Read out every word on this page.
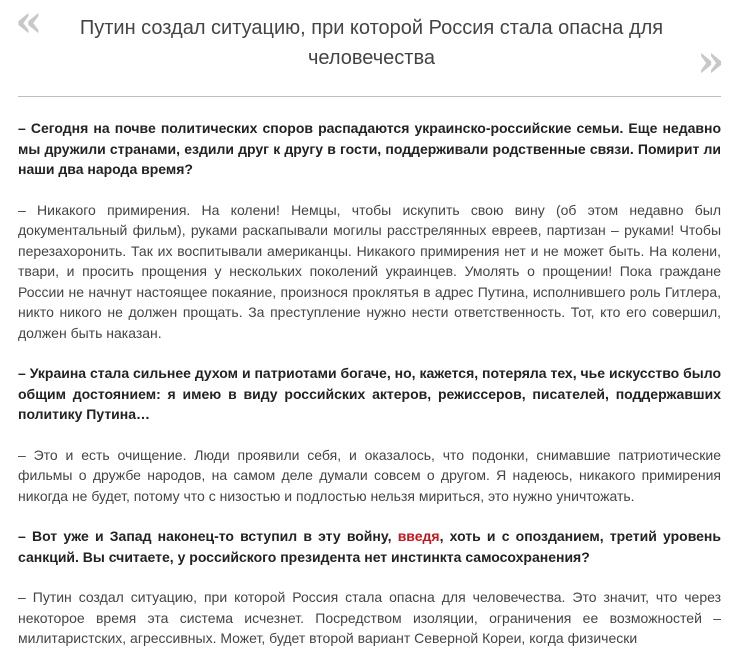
«	Путин создал ситуацию, при которой Россия стала опасна для человечества	»

– Сегодня на почве политических споров распадаются украинско-российские семьи. Еще недавно мы дружили странами, ездили друг к другу в гости, поддерживали родственные связи. Помирит ли наши два народа время?

– Никакого примирения. На колени! Немцы, чтобы искупить свою вину (об этом недавно был документальный фильм), руками раскапывали могилы расстрелянных евреев, партизан – руками! Чтобы перезахоронить. Так их воспитывали американцы. Никакого примирения нет и не может быть. На колени, твари, и просить прощения у нескольких поколений украинцев. Умолять о прощении! Пока граждане России не начнут настоящее покаяние, произнося проклятья в адрес Путина, исполнившего роль Гитлера, никто никого не должен прощать. За преступление нужно нести ответственность. Тот, кто его совершил, должен быть наказан.

– Украина стала сильнее духом и патриотами богаче, но, кажется, потеряла тех, чье искусство было общим достоянием: я имею в виду российских актеров, режиссеров, писателей, поддержавших политику Путина…

– Это и есть очищение. Люди проявили себя, и оказалось, что подонки, снимавшие патриотические фильмы о дружбе народов, на самом деле думали совсем о другом. Я надеюсь, никакого примирения никогда не будет, потому что с низостью и подлостью нельзя мириться, это нужно уничтожать.

– Вот уже и Запад наконец-то вступил в эту войну, введя, хоть и с опозданием, третий уровень санкций. Вы считаете, у российского президента нет инстинкта самосохранения?

– Путин создал ситуацию, при которой Россия стала опасна для человечества. Это значит, что через некоторое время эта система исчезнет. Посредством изоляции, ограничения ее возможностей – милитаристских, агрессивных. Может, будет второй вариант Северной Кореи, когда физически
